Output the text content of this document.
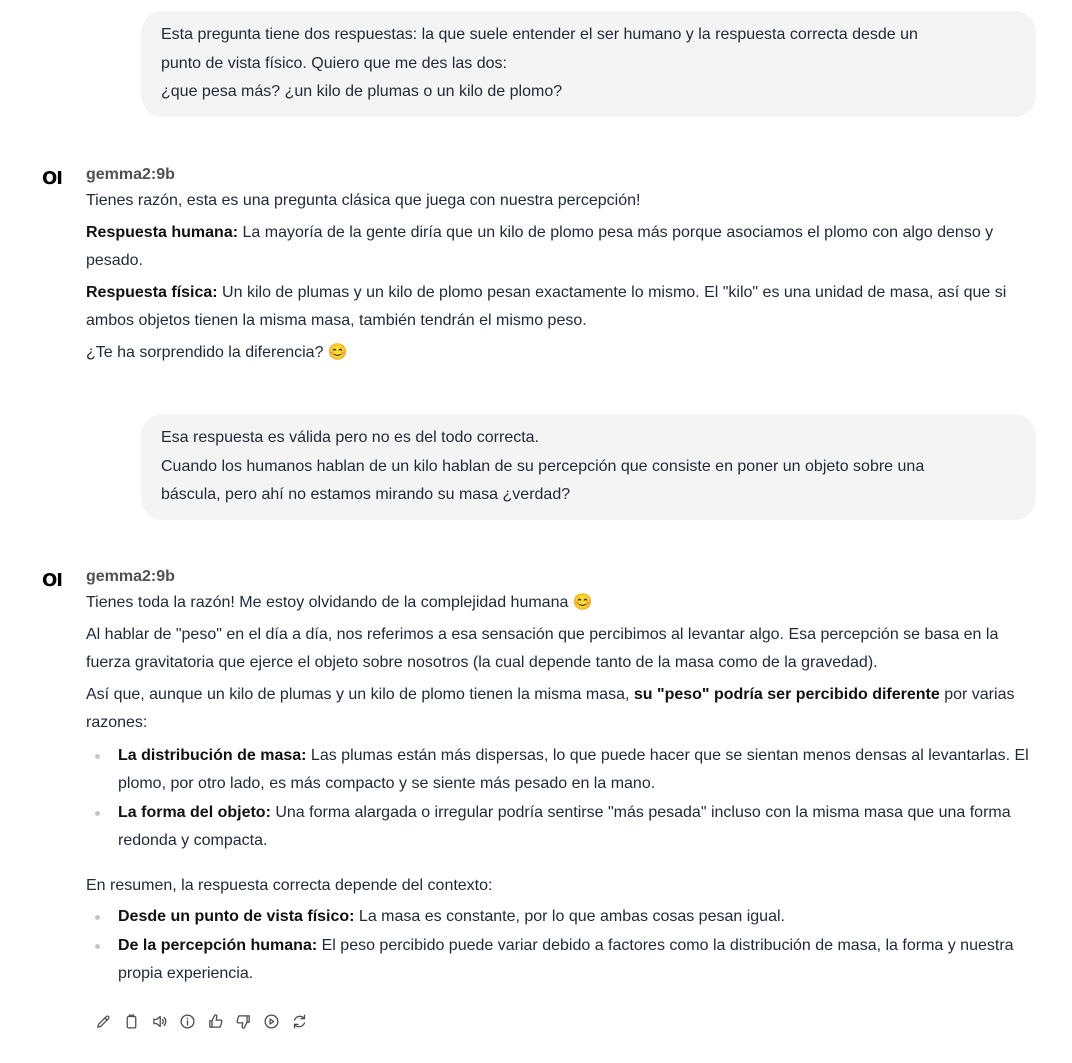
Esta pregunta tiene dos respuestas: la que suele entender el ser humano y la respuesta correcta desde un

punto de vista físico. Quiero que me des las dos:

¿que pesa más? ¿un kilo de plumas o un kilo de plomo?

OI gemma2:9b

Tienes razón, esta es una pregunta clásica que juega con nuestra percepción!

Respuesta humana: La mayoría de la gente diría que un kilo de plomo pesa más porque asociamos el plomo con algo denso y pesado.

Respuesta física: Un kilo de plumas y un kilo de plomo pesan exactamente lo mismo. El "kilo" es una unidad de masa, así que si ambos objetos tienen la misma masa, también tendrán el mismo peso.

¿Te ha sorprendido la diferencia? 😊

Esa respuesta es válida pero no es del todo correcta.

Cuando los humanos hablan de un kilo hablan de su percepción que consiste en poner un objeto sobre una

báscula, pero ahí no estamos mirando su masa ¿verdad?

OI gemma2:9b

Tienes toda la razón! Me estoy olvidando de la complejidad humana 😊

Al hablar de "peso" en el día a día, nos referimos a esa sensación que percibimos al levantar algo. Esa percepción se basa en la fuerza gravitatoria que ejerce el objeto sobre nosotros (la cual depende tanto de la masa como de la gravedad).

Así que, aunque un kilo de plumas y un kilo de plomo tienen la misma masa, su "peso" podría ser percibido diferente por varias razones:

La distribución de masa: Las plumas están más dispersas, lo que puede hacer que se sientan menos densas al levantarlas. El plomo, por otro lado, es más compacto y se siente más pesado en la mano.
La forma del objeto: Una forma alargada o irregular podría sentirse "más pesada" incluso con la misma masa que una forma redonda y compacta.

En resumen, la respuesta correcta depende del contexto:

Desde un punto de vista físico: La masa es constante, por lo que ambas cosas pesan igual.
De la percepción humana: El peso percibido puede variar debido a factores como la distribución de masa, la forma y nuestra propia experiencia.
